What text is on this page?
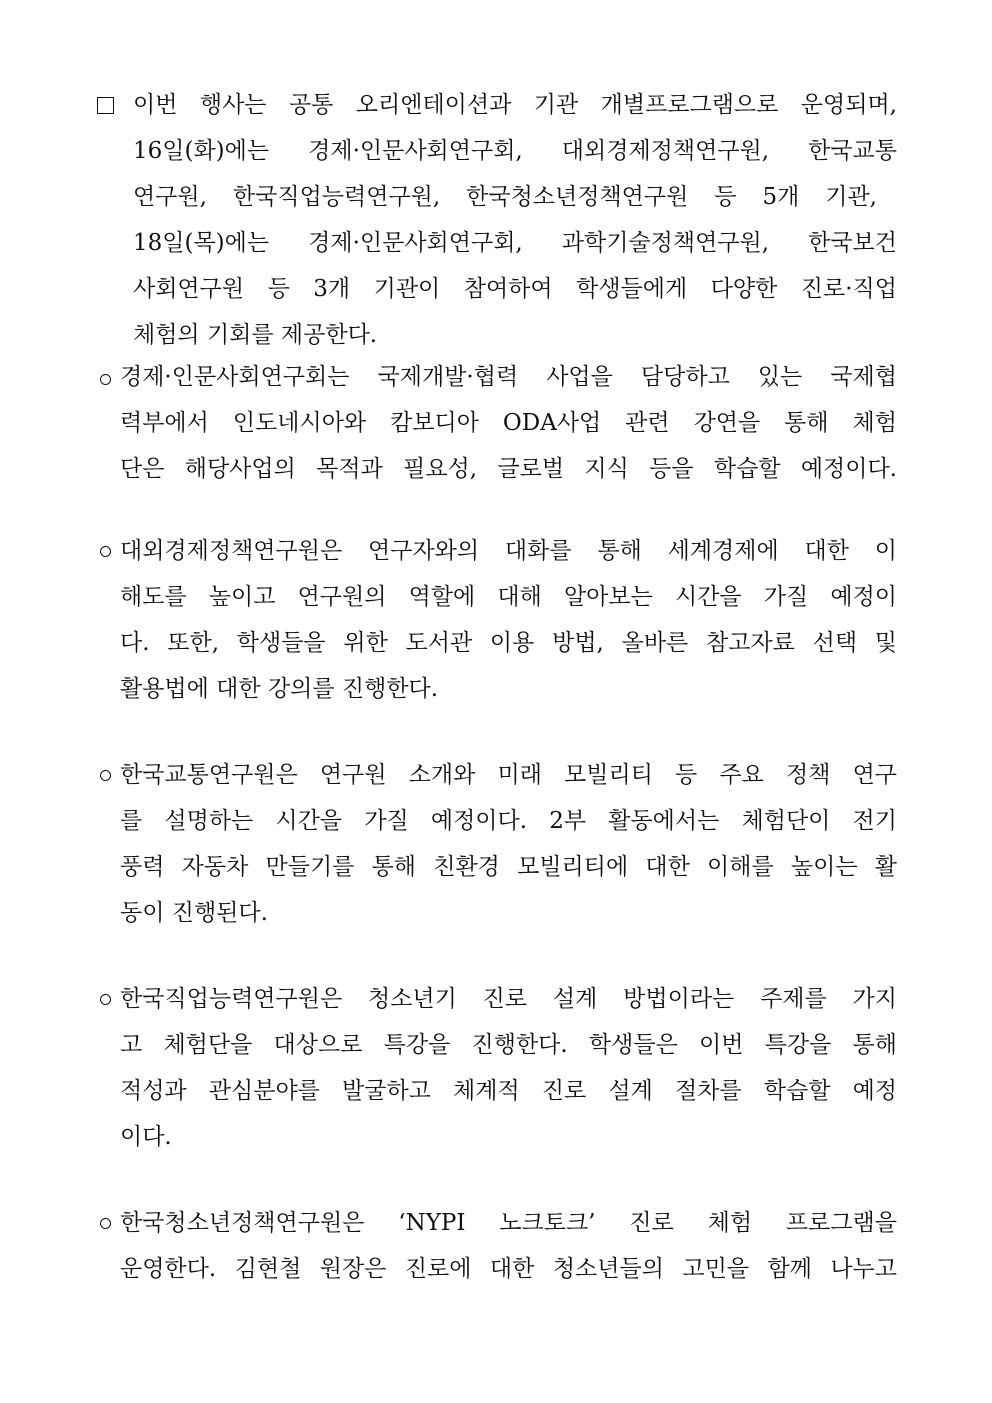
이번 행사는 공통 오리엔테이션과 기관 개별프로그램으로 운영되며,
16일(화)에는 경제·인문사회연구회, 대외경제정책연구원, 한국교통
연구원, 한국직업능력연구원, 한국청소년정책연구원 등 5개 기관,
18일(목)에는 경제·인문사회연구회, 과학기술정책연구원, 한국보건
사회연구원 등 3개 기관이 참여하여 학생들에게 다양한 진로·직업
체험의 기회를 제공한다.
경제·인문사회연구회는 국제개발·협력 사업을 담당하고 있는 국제협
력부에서 인도네시아와 캄보디아 ODA사업 관련 강연을 통해 체험
단은 해당사업의 목적과 필요성, 글로벌 지식 등을 학습할 예정이다.
대외경제정책연구원은 연구자와의 대화를 통해 세계경제에 대한 이
해도를 높이고 연구원의 역할에 대해 알아보는 시간을 가질 예정이
다. 또한, 학생들을 위한 도서관 이용 방법, 올바른 참고자료 선택 및
활용법에 대한 강의를 진행한다.
한국교통연구원은 연구원 소개와 미래 모빌리티 등 주요 정책 연구
를 설명하는 시간을 가질 예정이다. 2부 활동에서는 체험단이 전기
풍력 자동차 만들기를 통해 친환경 모빌리티에 대한 이해를 높이는 활
동이 진행된다.
한국직업능력연구원은 청소년기 진로 설계 방법이라는 주제를 가지
고 체험단을 대상으로 특강을 진행한다. 학생들은 이번 특강을 통해
적성과 관심분야를 발굴하고 체계적 진로 설계 절차를 학습할 예정
이다.
한국청소년정책연구원은 ‘NYPI 노크토크’ 진로 체험 프로그램을
운영한다. 김현철 원장은 진로에 대한 청소년들의 고민을 함께 나누고
